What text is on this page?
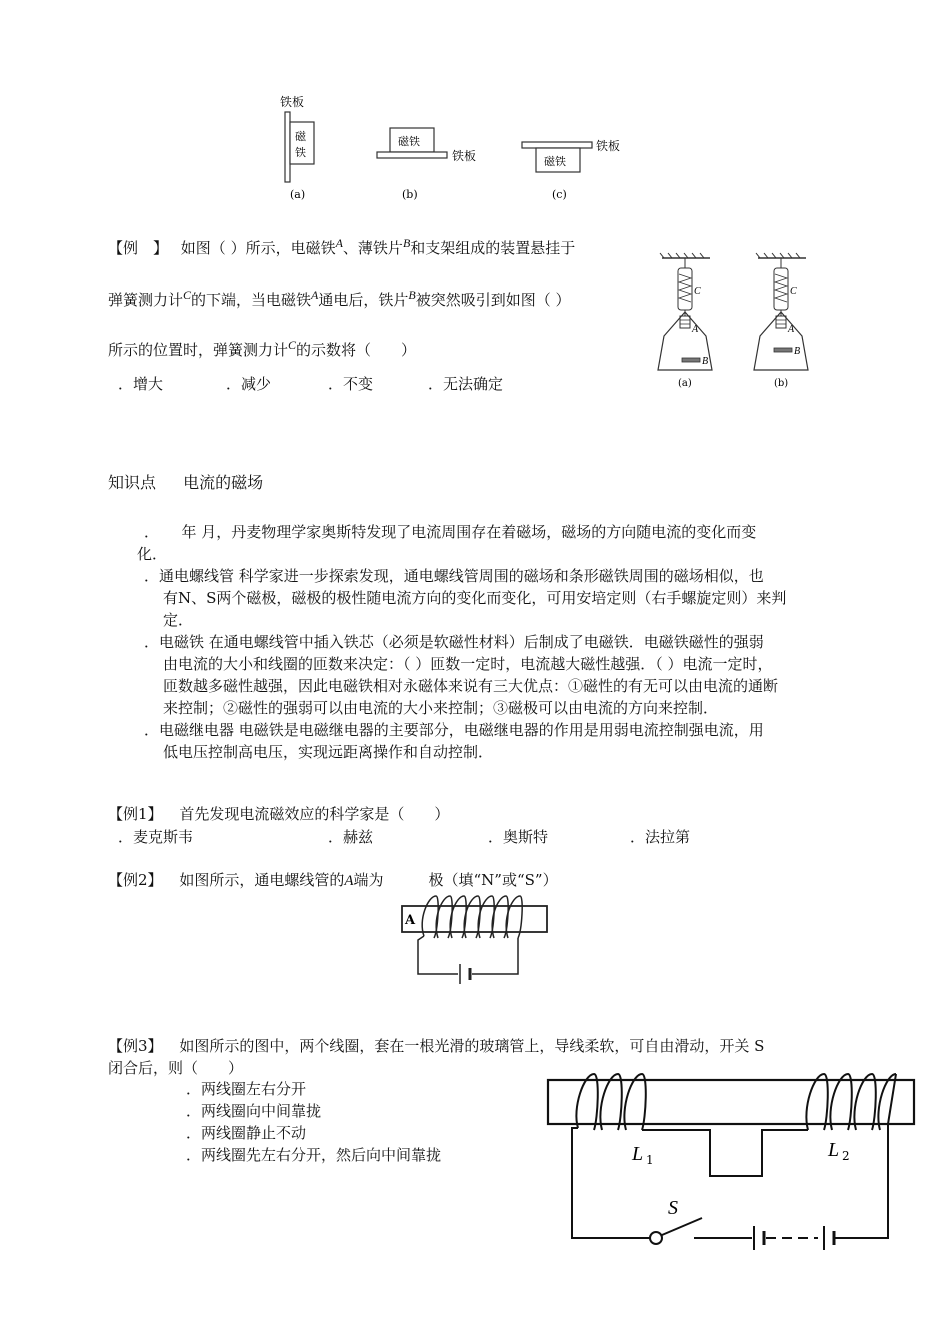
铁板
磁
铁
(a)
磁铁
铁板
(b)
铁板
磁铁
(c)
【例　】 如图（ ）所示，电磁铁$^A$、薄铁片$^B$和支架组成的装置悬挂于
弹簧测力计$^C$的下端，当电磁铁$^A$通电后，铁片$^B$被突然吸引到如图（ ）
所示的位置时，弹簧测力计$^C$的示数将（　　）
．增大	．减少	．不变	．无法确定
C
A
B
(a)
C
A
B
(b)
知识点 电流的磁场
．　　年 月，丹麦物理学家奥斯特发现了电流周围存在着磁场，磁场的方向随电流的变化而变
化．
．通电螺线管 科学家进一步探索发现，通电螺线管周围的磁场和条形磁铁周围的磁场相似，也
有N、S两个磁极，磁极的极性随电流方向的变化而变化，可用安培定则（右手螺旋定则）来判
定．
．电磁铁 在通电螺线管中插入铁芯（必须是软磁性材料）后制成了电磁铁．电磁铁磁性的强弱
由电流的大小和线圈的匝数来决定：（ ）匝数一定时，电流越大磁性越强．（ ）电流一定时，
匝数越多磁性越强，因此电磁铁相对永磁体来说有三大优点：①磁性的有无可以由电流的通断
来控制；②磁性的强弱可以由电流的大小来控制；③磁极可以由电流的方向来控制．
．电磁继电器 电磁铁是电磁继电器的主要部分，电磁继电器的作用是用弱电流控制强电流，用
低电压控制高电压，实现远距离操作和自动控制．
【例1】 首先发现电流磁效应的科学家是（　　）
．麦克斯韦	．赫兹	．奥斯特	．法拉第
【例2】 如图所示，通电螺线管的A端为　　　极（填“N”或“S”）
A
【例3】 如图所示的图中，两个线圈，套在一根光滑的玻璃管上，导线柔软，可自由滑动，开关 S
闭合后，则（　　）
．两线圈左右分开
．两线圈向中间靠拢
．两线圈静止不动
．两线圈先左右分开，然后向中间靠拢	L 1	L 2
S
